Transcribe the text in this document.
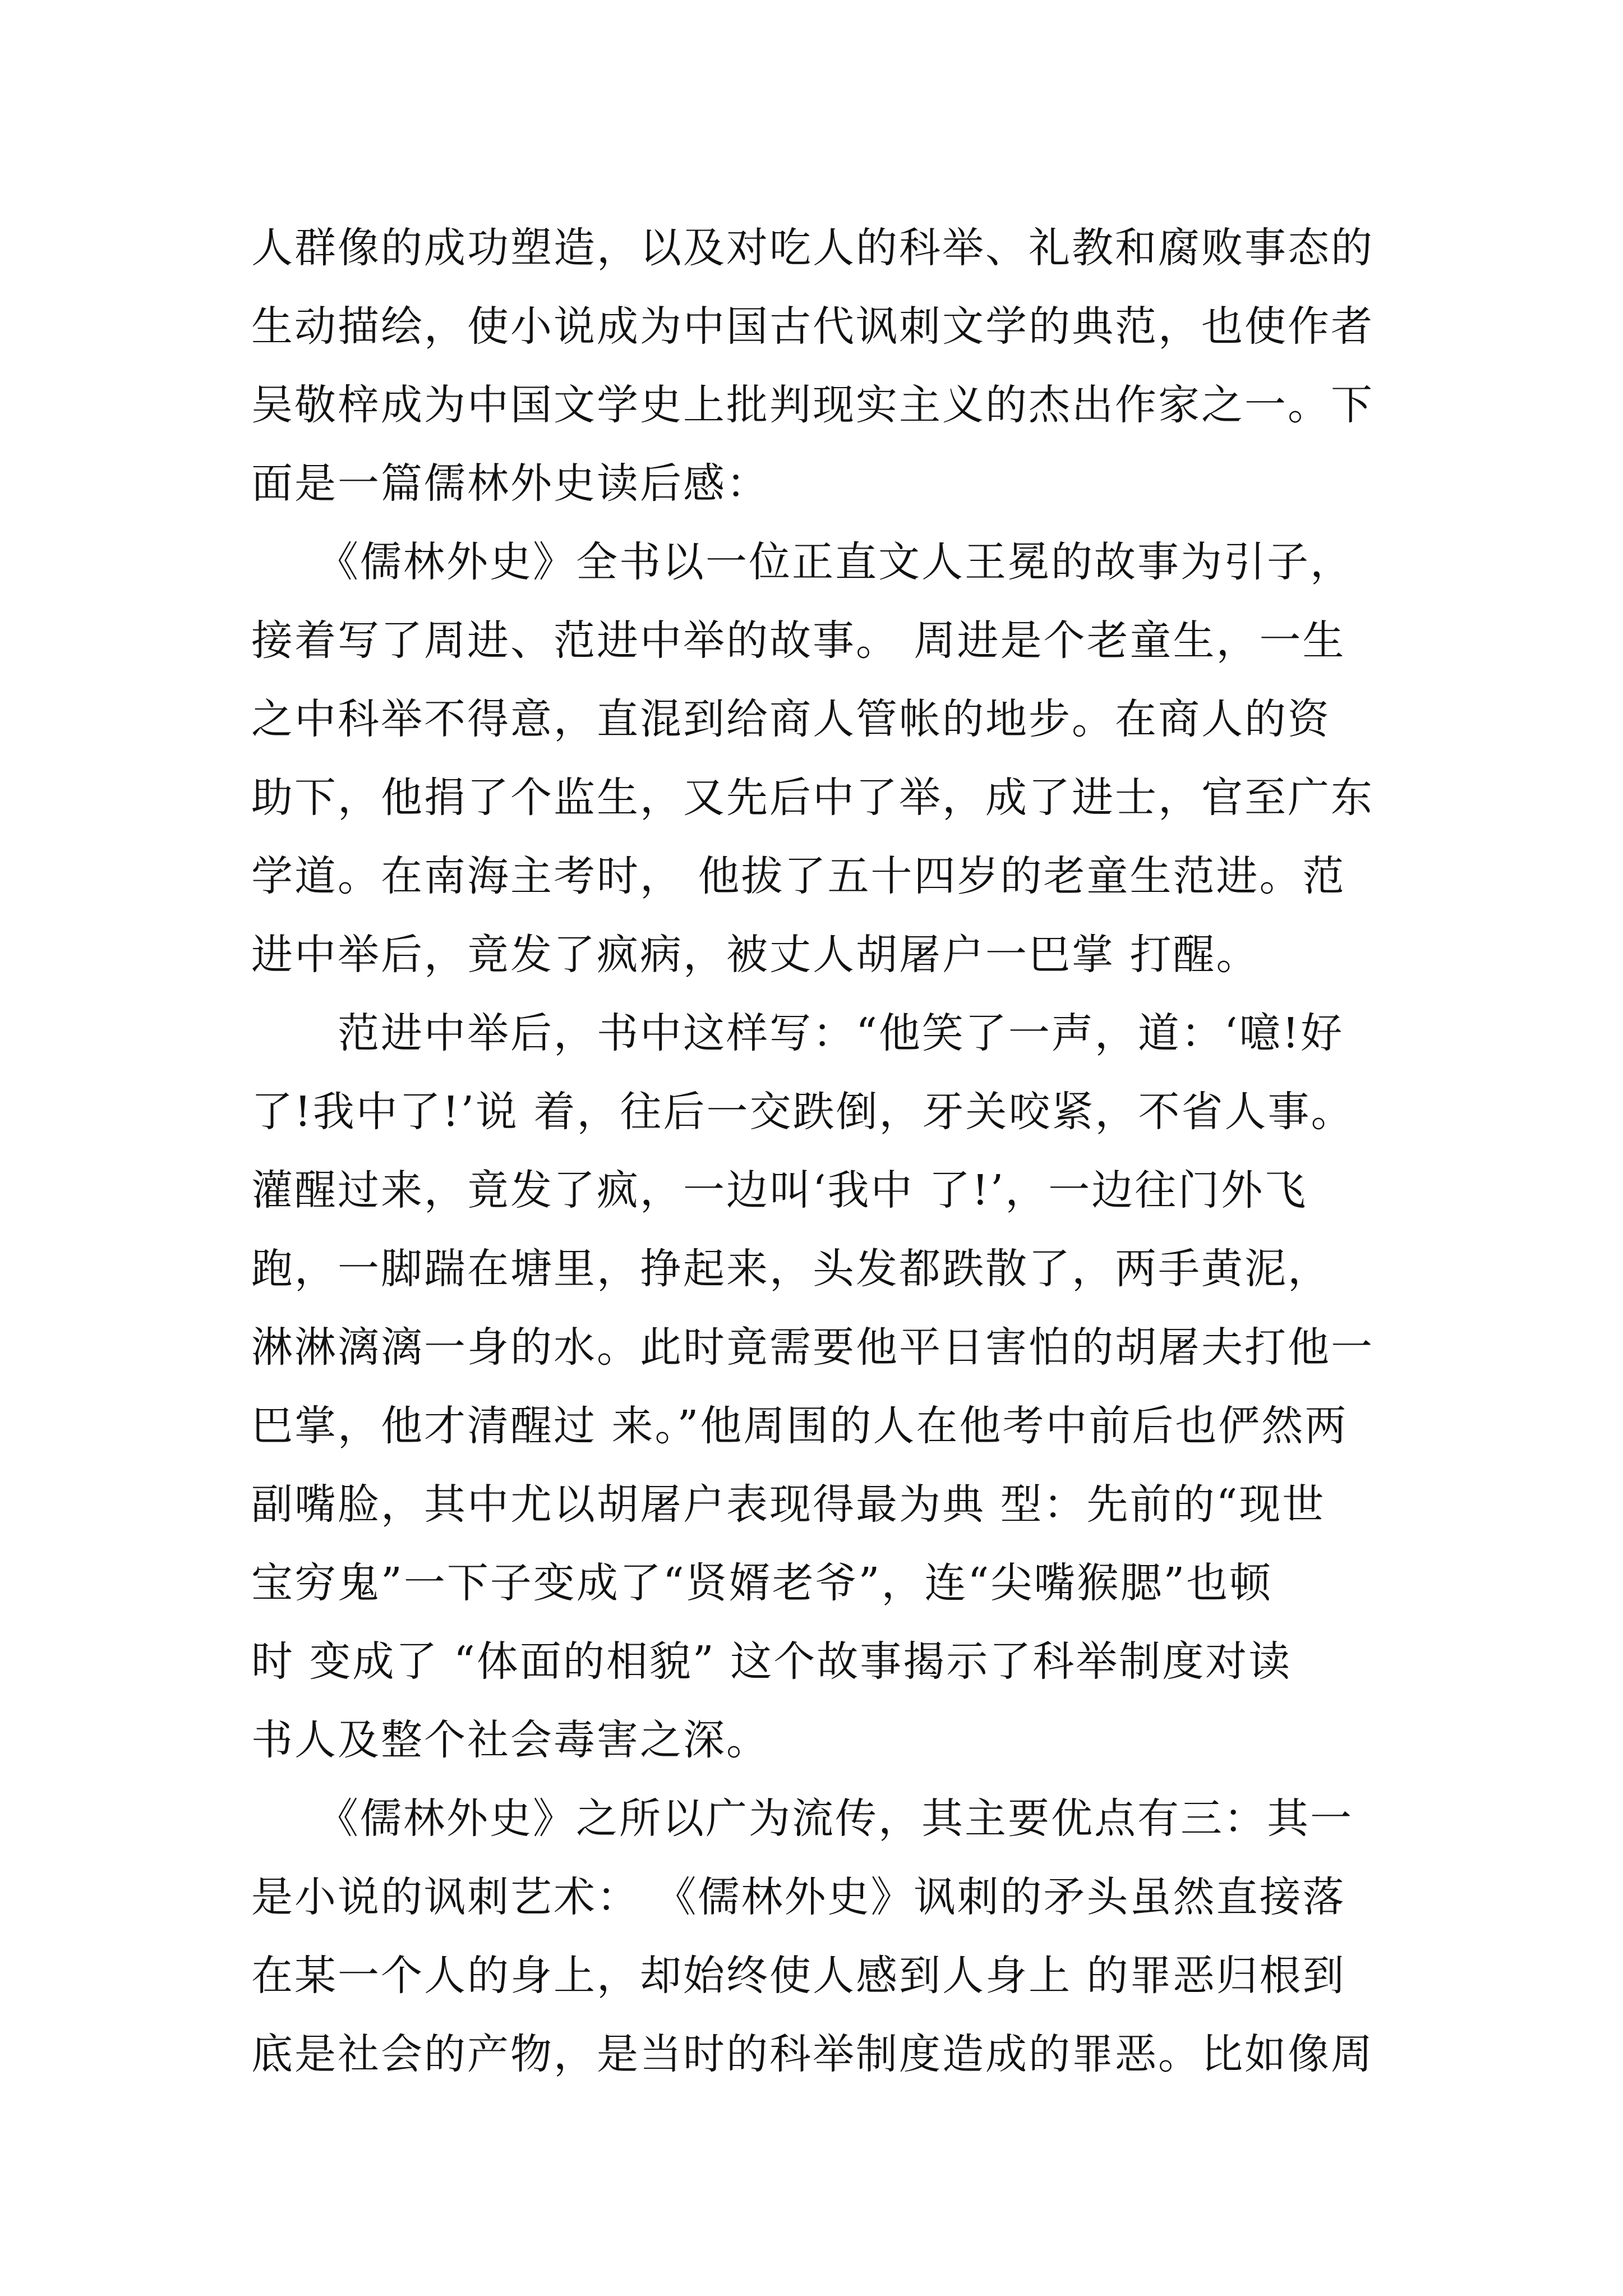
人群像的成功塑造，以及对吃人的科举、礼教和腐败事态的
生动描绘，使小说成为中国古代讽刺文学的典范，也使作者
吴敬梓成为中国文学史上批判现实主义的杰出作家之一。下
面是一篇儒林外史读后感：
　　《儒林外史》全书以一位正直文人王冕的故事为引子，
接着写了周进、范进中举的故事。 周进是个老童生，一生
之中科举不得意，直混到给商人管帐的地步。在商人的资
助下，他捐了个监生，又先后中了举，成了进士，官至广东
学道。在南海主考时， 他拔了五十四岁的老童生范进。范
进中举后，竟发了疯病，被丈人胡屠户一巴掌 打醒。
　　范进中举后，书中这样写：“他笑了一声，道：‘噫!好
了!我中了!’说 着，往后一交跌倒，牙关咬紧，不省人事。
灌醒过来，竟发了疯，一边叫‘我中 了!’，一边往门外飞
跑，一脚踹在塘里，挣起来，头发都跌散了，两手黄泥，
淋淋漓漓一身的水。此时竟需要他平日害怕的胡屠夫打他一
巴掌，他才清醒过 来。”他周围的人在他考中前后也俨然两
副嘴脸，其中尤以胡屠户表现得最为典 型：先前的“现世
宝穷鬼”一下子变成了“贤婿老爷”，连“尖嘴猴腮”也顿
时 变成了 “体面的相貌” 这个故事揭示了科举制度对读
书人及整个社会毒害之深。
　　《儒林外史》之所以广为流传，其主要优点有三：其一
是小说的讽刺艺术： 《儒林外史》讽刺的矛头虽然直接落
在某一个人的身上，却始终使人感到人身上 的罪恶归根到
底是社会的产物，是当时的科举制度造成的罪恶。比如像周
